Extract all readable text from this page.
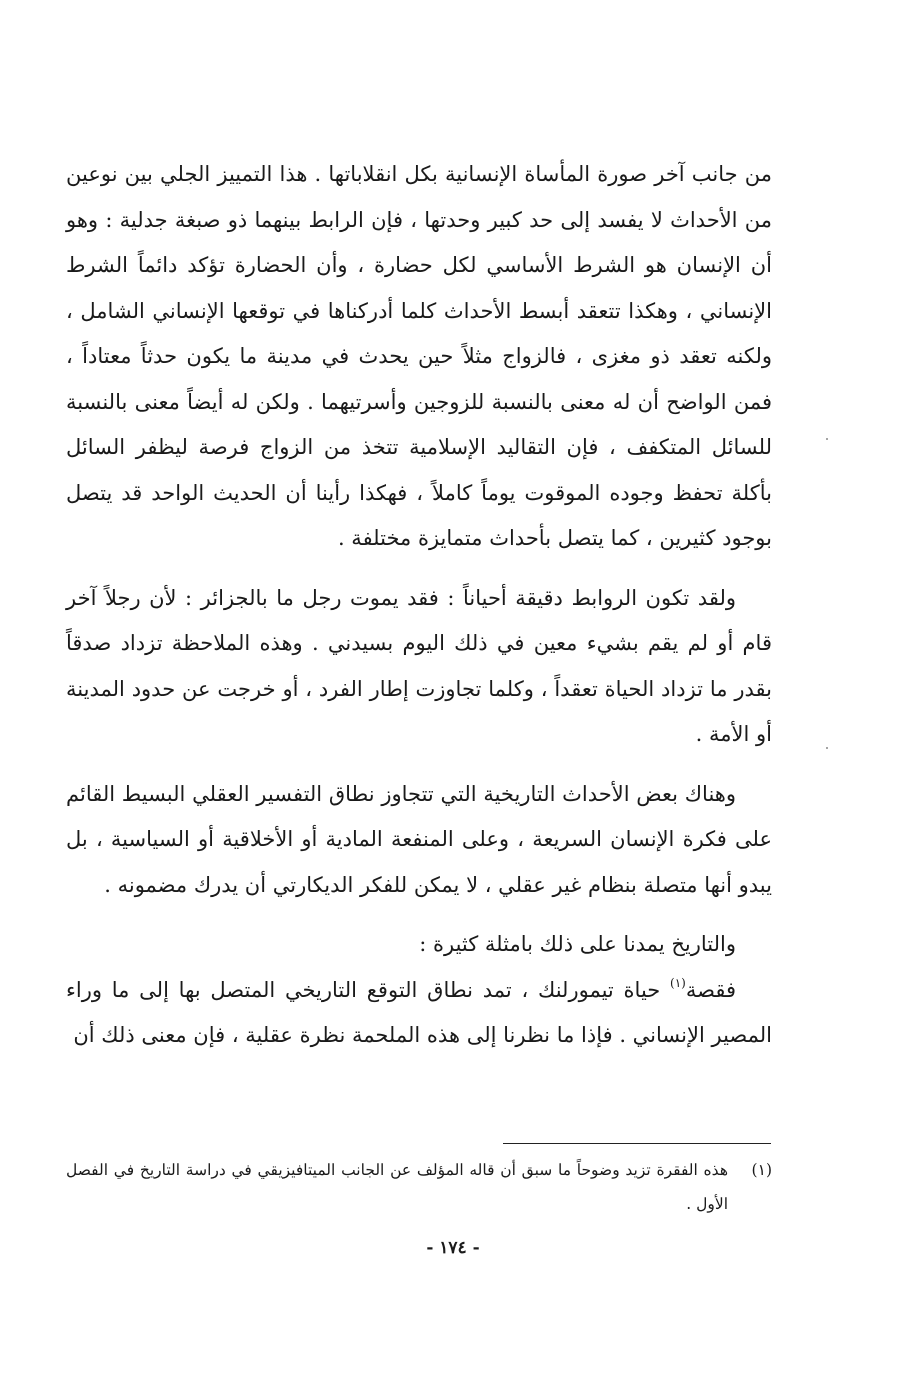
من جانب آخر صورة المأساة الإنسانية بكل انقلاباتها . هذا التمييز الجلي بين نوعين من الأحداث لا يفسد إلى حد كبير وحدتها ، فإن الرابط بينهما ذو صبغة جدلية : وهو أن الإنسان هو الشرط الأساسي لكل حضارة ، وأن الحضارة تؤكد دائماً الشرط الإنساني ، وهكذا تتعقد أبسط الأحداث كلما أدركناها في توقعها الإنساني الشامل ، ولكنه تعقد ذو مغزى ، فالزواج مثلاً حين يحدث في مدينة ما يكون حدثاً معتاداً ، فمن الواضح أن له معنى بالنسبة للزوجين وأسرتيهما . ولكن له أيضاً معنى بالنسبة للسائل المتكفف ، فإن التقاليد الإسلامية تتخذ من الزواج فرصة ليظفر السائل بأكلة تحفظ وجوده الموقوت يوماً كاملاً ، فهكذا رأينا أن الحديث الواحد قد يتصل بوجود كثيرين ، كما يتصل بأحداث متمايزة مختلفة .

ولقد تكون الروابط دقيقة أحياناً : فقد يموت رجل ما بالجزائر : لأن رجلاً آخر قام أو لم يقم بشيء معين في ذلك اليوم بسيدني . وهذه الملاحظة تزداد صدقاً بقدر ما تزداد الحياة تعقداً ، وكلما تجاوزت إطار الفرد ، أو خرجت عن حدود المدينة أو الأمة .

وهناك بعض الأحداث التاريخية التي تتجاوز نطاق التفسير العقلي البسيط القائم على فكرة الإنسان السريعة ، وعلى المنفعة المادية أو الأخلاقية أو السياسية ، بل يبدو أنها متصلة بنظام غير عقلي ، لا يمكن للفكر الديكارتي أن يدرك مضمونه .

والتاريخ يمدنا على ذلك بامثلة كثيرة :

فقصة$^{(١)}$ حياة تيمورلنك ، تمد نطاق التوقع التاريخي المتصل بها إلى ما وراء المصير الإنساني . فإذا ما نظرنا إلى هذه الملحمة نظرة عقلية ، فإن معنى ذلك أن

(١)
هذه الفقرة تزيد وضوحاً ما سبق أن قاله المؤلف عن الجانب الميتافيزيقي في دراسة التاريخ في الفصل الأول .
- ١٧٤ -
